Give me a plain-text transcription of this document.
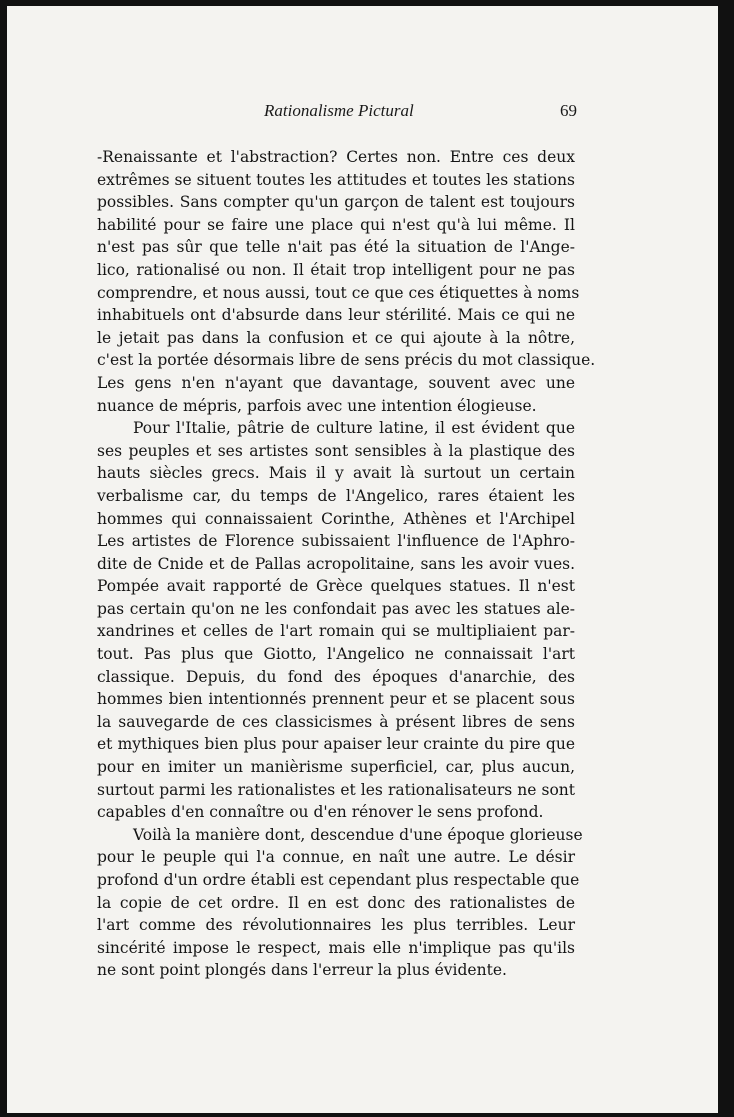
Rationalisme Pictural	69
-Renaissante et l'abstraction? Certes non. Entre ces deux
extrêmes se situent toutes les attitudes et toutes les stations
possibles. Sans compter qu'un garçon de talent est toujours
habilité pour se faire une place qui n'est qu'à lui même. Il
n'est pas sûr que telle n'ait pas été la situation de l'Ange-
lico, rationalisé ou non. Il était trop intelligent pour ne pas
comprendre, et nous aussi, tout ce que ces étiquettes à noms
inhabituels ont d'absurde dans leur stérilité. Mais ce qui ne
le jetait pas dans la confusion et ce qui ajoute à la nôtre,
c'est la portée désormais libre de sens précis du mot classique.
Les gens n'en n'ayant que davantage, souvent avec une
nuance de mépris, parfois avec une intention élogieuse.
Pour l'Italie, pâtrie de culture latine, il est évident que
ses peuples et ses artistes sont sensibles à la plastique des
hauts siècles grecs. Mais il y avait là surtout un certain
verbalisme car, du temps de l'Angelico, rares étaient les
hommes qui connaissaient Corinthe, Athènes et l'Archipel
Les artistes de Florence subissaient l'influence de l'Aphro-
dite de Cnide et de Pallas acropolitaine, sans les avoir vues.
Pompée avait rapporté de Grèce quelques statues. Il n'est
pas certain qu'on ne les confondait pas avec les statues ale-
xandrines et celles de l'art romain qui se multipliaient par-
tout. Pas plus que Giotto, l'Angelico ne connaissait l'art
classique. Depuis, du fond des époques d'anarchie, des
hommes bien intentionnés prennent peur et se placent sous
la sauvegarde de ces classicismes à présent libres de sens
et mythiques bien plus pour apaiser leur crainte du pire que
pour en imiter un manièrisme superficiel, car, plus aucun,
surtout parmi les rationalistes et les rationalisateurs ne sont
capables d'en connaître ou d'en rénover le sens profond.
Voilà la manière dont, descendue d'une époque glorieuse
pour le peuple qui l'a connue, en naît une autre. Le désir
profond d'un ordre établi est cependant plus respectable que
la copie de cet ordre. Il en est donc des rationalistes de
l'art comme des révolutionnaires les plus terribles. Leur
sincérité impose le respect, mais elle n'implique pas qu'ils
ne sont point plongés dans l'erreur la plus évidente.
